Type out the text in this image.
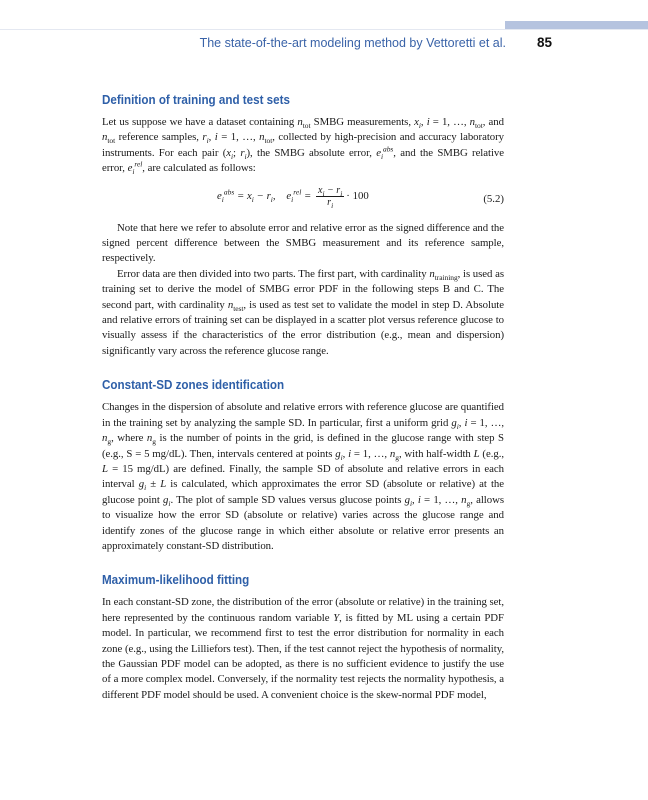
The state-of-the-art modeling method by Vettoretti et al.	85
Definition of training and test sets

Let us suppose we have a dataset containing $n_{tot}$ SMBG measurements, $x_i$, i = 1, …, $n_{tot}$, and $n_{tot}$ reference samples, $r_i$, i = 1, …, $n_{tot}$, collected by high-precision and accuracy laboratory instruments. For each pair ($x_i$; $r_i$), the SMBG absolute error, $e_i^{abs}$, and the SMBG relative error, $e_i^{rel}$, are calculated as follows:

$e_i^{abs} = x_i - r_i$,    $e_i^{rel} = \frac{x_i - r_i}{r_i} \cdot 100$	(5.2)

Note that here we refer to absolute error and relative error as the signed difference and the signed percent difference between the SMBG measurement and its reference sample, respectively.

Error data are then divided into two parts. The first part, with cardinality $n_{training}$, is used as training set to derive the model of SMBG error PDF in the following steps B and C. The second part, with cardinality $n_{test}$, is used as test set to validate the model in step D. Absolute and relative errors of training set can be displayed in a scatter plot versus reference glucose to visually assess if the characteristics of the error distribution (e.g., mean and dispersion) significantly vary across the reference glucose range.

Constant-SD zones identification

Changes in the dispersion of absolute and relative errors with reference glucose are quantified in the training set by analyzing the sample SD. In particular, first a uniform grid $g_i$, i = 1, …, $n_g$, where $n_g$ is the number of points in the grid, is defined in the glucose range with step S (e.g., S = 5 mg/dL). Then, intervals centered at points $g_i$, i = 1, …, $n_g$, with half-width L (e.g., L = 15 mg/dL) are defined. Finally, the sample SD of absolute and relative errors in each interval $g_i \pm L$ is calculated, which approximates the error SD (absolute or relative) at the glucose point $g_i$. The plot of sample SD values versus glucose points $g_i$, i = 1, …, $n_g$, allows to visualize how the error SD (absolute or relative) varies across the glucose range and identify zones of the glucose range in which either absolute or relative error presents an approximately constant-SD distribution.

Maximum-likelihood fitting

In each constant-SD zone, the distribution of the error (absolute or relative) in the training set, here represented by the continuous random variable Y, is fitted by ML using a certain PDF model. In particular, we recommend first to test the error distribution for normality in each zone (e.g., using the Lilliefors test). Then, if the test cannot reject the hypothesis of normality, the Gaussian PDF model can be adopted, as there is no sufficient evidence to justify the use of a more complex model. Conversely, if the normality test rejects the normality hypothesis, a different PDF model should be used. A convenient choice is the skew-normal PDF model,
